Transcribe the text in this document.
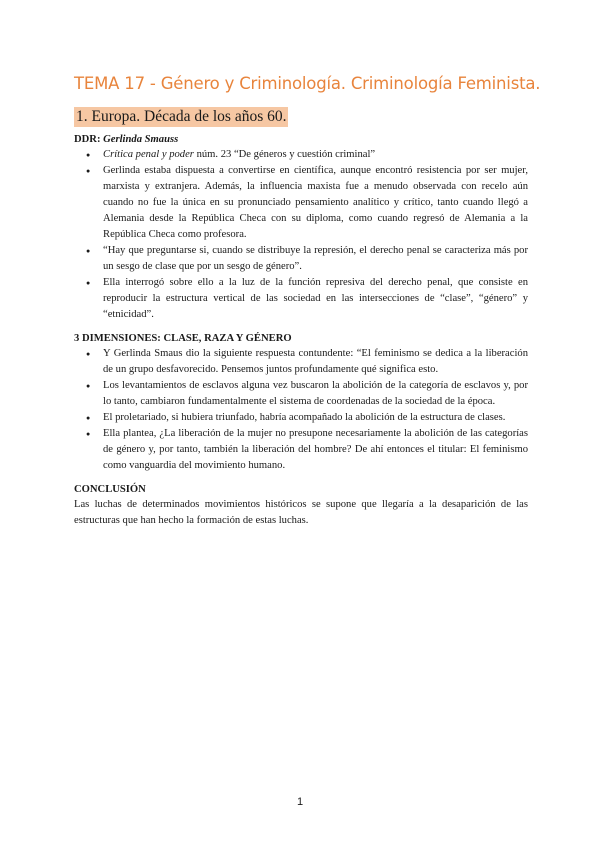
TEMA 17 - Género y Criminología. Criminología Feminista.
1. Europa. Década de los años 60.
DDR: Gerlinda Smauss
● Crítica penal y poder núm. 23 “De géneros y cuestión criminal”
● Gerlinda estaba dispuesta a convertirse en científica, aunque encontró resistencia por ser mujer, marxista y extranjera. Además, la influencia maxista fue a menudo observada con recelo aún cuando no fue la única en su pronunciado pensamiento analítico y crítico, tanto cuando llegó a Alemania desde la República Checa con su diploma, como cuando regresó de Alemania a la República Checa como profesora.
● “Hay que preguntarse si, cuando se distribuye la represión, el derecho penal se caracteriza más por un sesgo de clase que por un sesgo de género”.
● Ella interrogó sobre ello a la luz de la función represiva del derecho penal, que consiste en reproducir la estructura vertical de las sociedad en las intersecciones de “clase”, “género” y “etnicidad”.
3 DIMENSIONES: CLASE, RAZA Y GÉNERO
● Y Gerlinda Smaus dio la siguiente respuesta contundente: “El feminismo se dedica a la liberación de un grupo desfavorecido. Pensemos juntos profundamente qué significa esto.
● Los levantamientos de esclavos alguna vez buscaron la abolición de la categoría de esclavos y, por lo tanto, cambiaron fundamentalmente el sistema de coordenadas de la sociedad de la época.
● El proletariado, si hubiera triunfado, habría acompañado la abolición de la estructura de clases.
● Ella plantea, ¿La liberación de la mujer no presupone necesariamente la abolición de las categorías de género y, por tanto, también la liberación del hombre? De ahí entonces el titular: El feminismo como vanguardia del movimiento humano.
CONCLUSIÓN

Las luchas de determinados movimientos históricos se supone que llegaría a la desaparición de las estructuras que han hecho la formación de estas luchas.

1
